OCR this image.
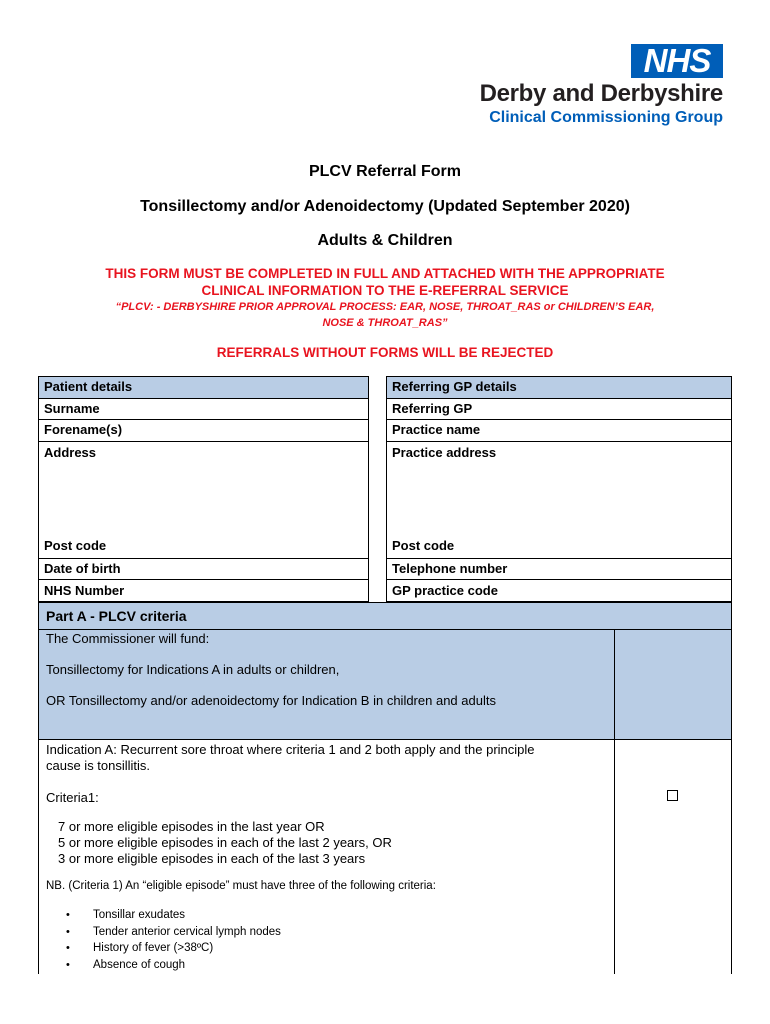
NHS
Derby and Derbyshire
Clinical Commissioning Group
PLCV Referral Form
Tonsillectomy and/or Adenoidectomy (Updated September 2020)
Adults & Children
THIS FORM MUST BE COMPLETED IN FULL AND ATTACHED WITH THE APPROPRIATE
CLINICAL INFORMATION TO THE E-REFERRAL SERVICE
“PLCV: - DERBYSHIRE PRIOR APPROVAL PROCESS: EAR, NOSE, THROAT_RAS or CHILDREN’S EAR,
NOSE & THROAT_RAS”
REFERRALS WITHOUT FORMS WILL BE REJECTED
Patient details	Referring GP details
Surname
Forename(s)
Address
Post code
Date of birth
NHS Number
Referring GP
Practice name
Practice address
Post code
Telephone number
GP practice code
Part A - PLCV criteria
The Commissioner will fund:
Tonsillectomy for Indications A in adults or children,
OR Tonsillectomy and/or adenoidectomy for Indication B in children and adults
Indication A: Recurrent sore throat where criteria 1 and 2 both apply and the principle
cause is tonsillitis.
Criteria1:
7 or more eligible episodes in the last year OR
5 or more eligible episodes in each of the last 2 years, OR
3 or more eligible episodes in each of the last 3 years
NB. (Criteria 1) An “eligible episode” must have three of the following criteria:
• Tonsillar exudates
• Tender anterior cervical lymph nodes
• History of fever (>38ºC)
• Absence of cough
